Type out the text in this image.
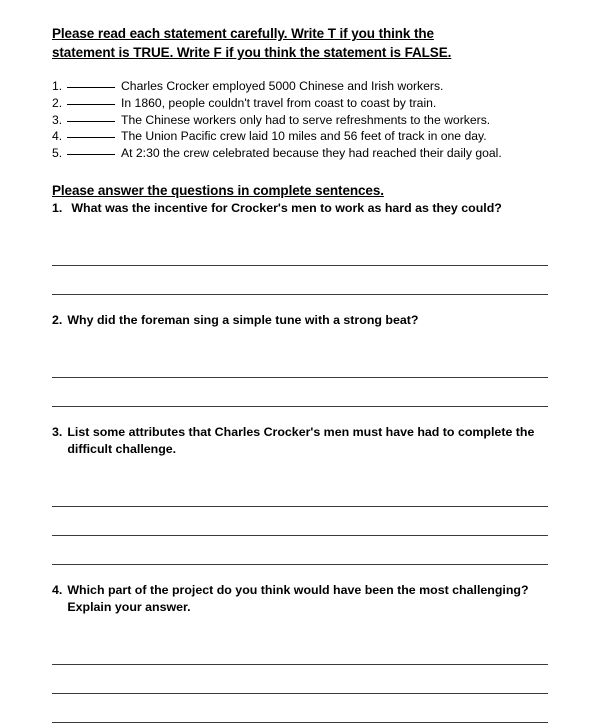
Please read each statement carefully. Write T if you think the
statement is TRUE. Write F if you think the statement is FALSE.
1.	Charles Crocker employed 5000 Chinese and Irish workers.
2.	In 1860, people couldn't travel from coast to coast by train.
3.	The Chinese workers only had to serve refreshments to the workers.
4.	The Union Pacific crew laid 10 miles and 56 feet of track in one day.
5.	At 2:30 the crew celebrated because they had reached their daily goal.
Please answer the questions in complete sentences.
1. What was the incentive for Crocker's men to work as hard as they could?
2. Why did the foreman sing a simple tune with a strong beat?
3. List some attributes that Charles Crocker's men must have had to complete the difficult challenge.
4. Which part of the project do you think would have been the most challenging? Explain your answer.
